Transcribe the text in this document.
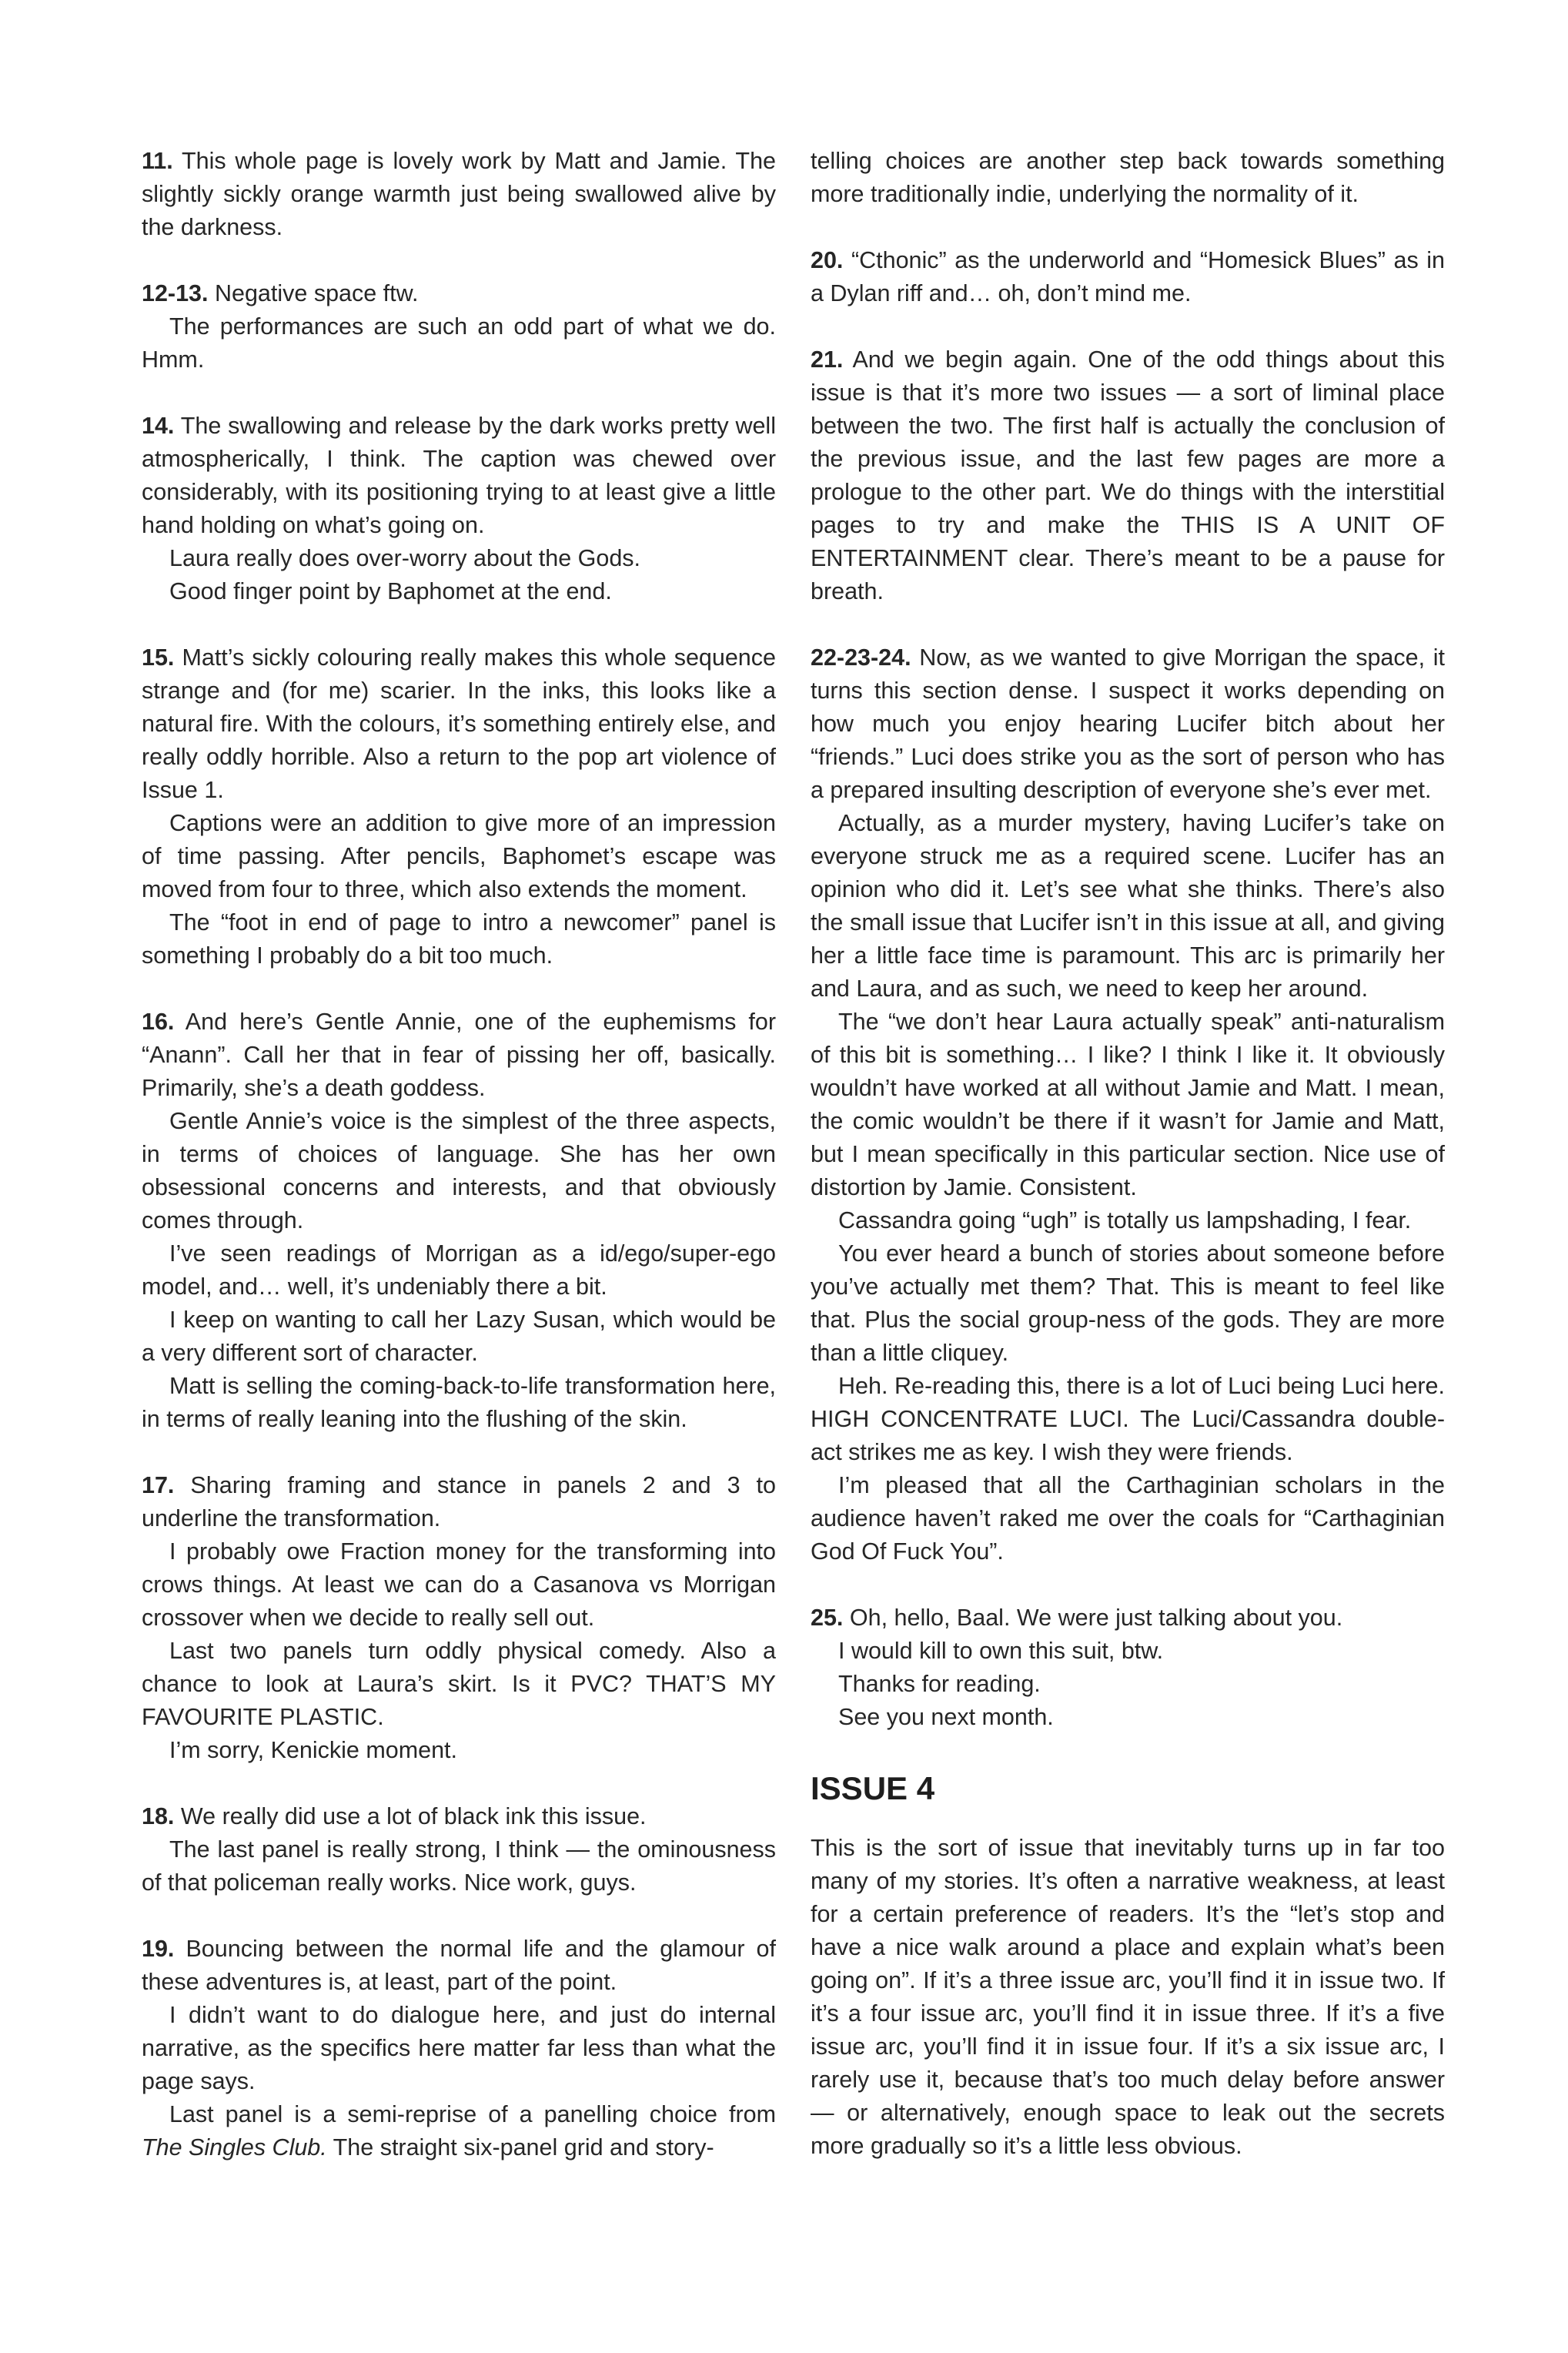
11. This whole page is lovely work by Matt and Jamie. The slightly sickly orange warmth just being swallowed alive by the darkness.

12-13. Negative space ftw.

The performances are such an odd part of what we do. Hmm.

14. The swallowing and release by the dark works pretty well atmospherically, I think. The caption was chewed over considerably, with its positioning trying to at least give a little hand holding on what’s going on.

Laura really does over-worry about the Gods.

Good finger point by Baphomet at the end.

15. Matt’s sickly colouring really makes this whole sequence strange and (for me) scarier. In the inks, this looks like a natural fire. With the colours, it’s something entirely else, and really oddly horrible. Also a return to the pop art violence of Issue 1.

Captions were an addition to give more of an impression of time passing. After pencils, Baphomet’s escape was moved from four to three, which also extends the moment.

The “foot in end of page to intro a newcomer” panel is something I probably do a bit too much.

16. And here’s Gentle Annie, one of the euphemisms for “Anann”. Call her that in fear of pissing her off, basically. Primarily, she’s a death goddess.

Gentle Annie’s voice is the simplest of the three aspects, in terms of choices of language. She has her own obsessional concerns and interests, and that obviously comes through.

I’ve seen readings of Morrigan as a id/ego/super-ego model, and… well, it’s undeniably there a bit.

I keep on wanting to call her Lazy Susan, which would be a very different sort of character.

Matt is selling the coming-back-to-life transformation here, in terms of really leaning into the flushing of the skin.

17. Sharing framing and stance in panels 2 and 3 to underline the transformation.

I probably owe Fraction money for the transforming into crows things. At least we can do a Casanova vs Morrigan crossover when we decide to really sell out.

Last two panels turn oddly physical comedy. Also a chance to look at Laura’s skirt. Is it PVC? THAT’S MY FAVOURITE PLASTIC.

I’m sorry, Kenickie moment.

18. We really did use a lot of black ink this issue.

The last panel is really strong, I think — the ominousness of that policeman really works. Nice work, guys.

19. Bouncing between the normal life and the glamour of these adventures is, at least, part of the point.

I didn’t want to do dialogue here, and just do internal narrative, as the specifics here matter far less than what the page says.

Last panel is a semi-reprise of a panelling choice from The Singles Club. The straight six-panel grid and story-

telling choices are another step back towards something more traditionally indie, underlying the normality of it.

20. “Cthonic” as the underworld and “Homesick Blues” as in a Dylan riff and… oh, don’t mind me.

21. And we begin again. One of the odd things about this issue is that it’s more two issues — a sort of liminal place between the two. The first half is actually the conclusion of the previous issue, and the last few pages are more a prologue to the other part. We do things with the interstitial pages to try and make the THIS IS A UNIT OF ENTERTAINMENT clear. There’s meant to be a pause for breath.

22-23-24. Now, as we wanted to give Morrigan the space, it turns this section dense. I suspect it works depending on how much you enjoy hearing Lucifer bitch about her “friends.” Luci does strike you as the sort of person who has a prepared insulting description of everyone she’s ever met.

Actually, as a murder mystery, having Lucifer’s take on everyone struck me as a required scene. Lucifer has an opinion who did it. Let’s see what she thinks. There’s also the small issue that Lucifer isn’t in this issue at all, and giving her a little face time is paramount. This arc is primarily her and Laura, and as such, we need to keep her around.

The “we don’t hear Laura actually speak” anti-naturalism of this bit is something… I like? I think I like it. It obviously wouldn’t have worked at all without Jamie and Matt. I mean, the comic wouldn’t be there if it wasn’t for Jamie and Matt, but I mean specifically in this particular section. Nice use of distortion by Jamie. Consistent.

Cassandra going “ugh” is totally us lampshading, I fear.

You ever heard a bunch of stories about someone before you’ve actually met them? That. This is meant to feel like that. Plus the social group-ness of the gods. They are more than a little cliquey.

Heh. Re-reading this, there is a lot of Luci being Luci here. HIGH CONCENTRATE LUCI. The Luci/Cassandra double-act strikes me as key. I wish they were friends.

I’m pleased that all the Carthaginian scholars in the audience haven’t raked me over the coals for “Carthaginian God Of Fuck You”.

25. Oh, hello, Baal. We were just talking about you.

I would kill to own this suit, btw.

Thanks for reading.

See you next month.

ISSUE 4

This is the sort of issue that inevitably turns up in far too many of my stories. It’s often a narrative weakness, at least for a certain preference of readers. It’s the “let’s stop and have a nice walk around a place and explain what’s been going on”. If it’s a three issue arc, you’ll find it in issue two. If it’s a four issue arc, you’ll find it in issue three. If it’s a five issue arc, you’ll find it in issue four. If it’s a six issue arc, I rarely use it, because that’s too much delay before answer — or alternatively, enough space to leak out the secrets more gradually so it’s a little less obvious.
